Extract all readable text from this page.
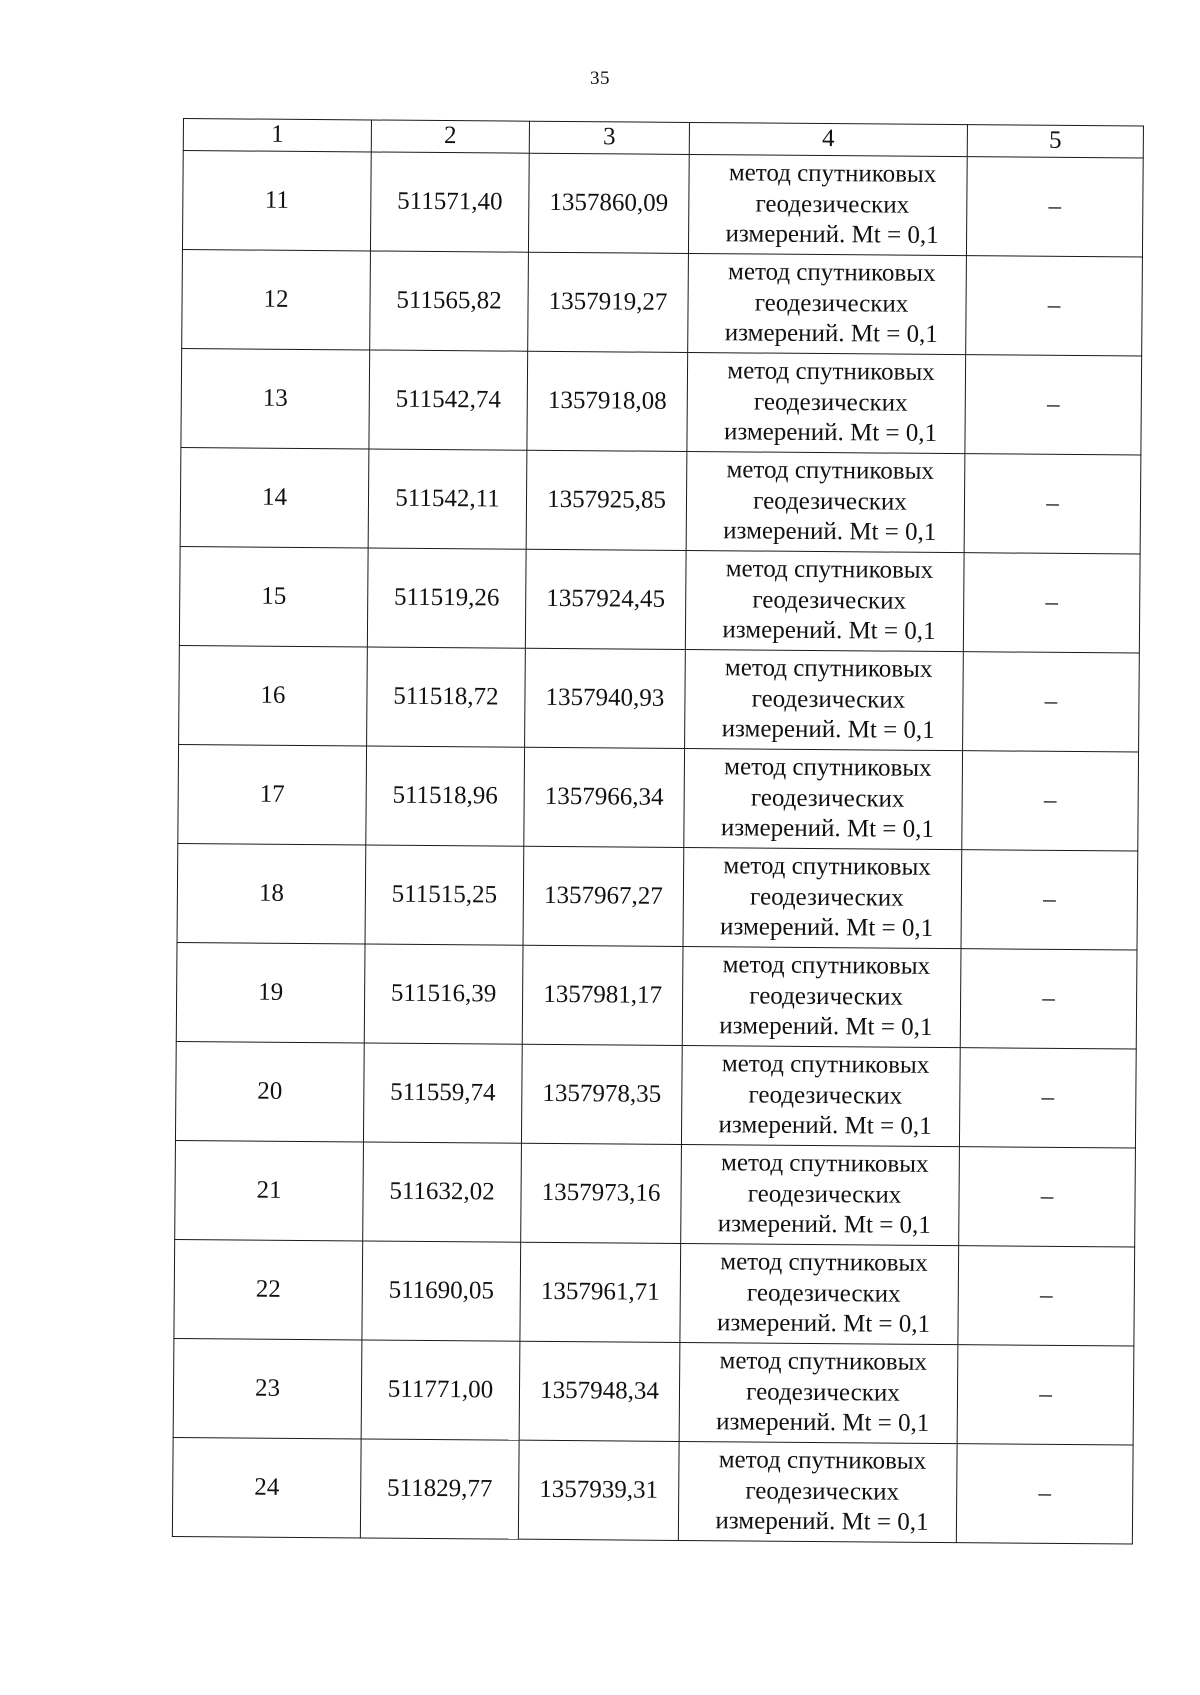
35
1	2	3	4	5
11	511571,40	1357860,09	метод спутниковых
геодезических
измерений. Mt = 0,1	–
12	511565,82	1357919,27	метод спутниковых
геодезических
измерений. Mt = 0,1	–
13	511542,74	1357918,08	метод спутниковых
геодезических
измерений. Mt = 0,1	–
14	511542,11	1357925,85	метод спутниковых
геодезических
измерений. Mt = 0,1	–
15	511519,26	1357924,45	метод спутниковых
геодезических
измерений. Mt = 0,1	–
16	511518,72	1357940,93	метод спутниковых
геодезических
измерений. Mt = 0,1	–
17	511518,96	1357966,34	метод спутниковых
геодезических
измерений. Mt = 0,1	–
18	511515,25	1357967,27	метод спутниковых
геодезических
измерений. Mt = 0,1	–
19	511516,39	1357981,17	метод спутниковых
геодезических
измерений. Mt = 0,1	–
20	511559,74	1357978,35	метод спутниковых
геодезических
измерений. Mt = 0,1	–
21	511632,02	1357973,16	метод спутниковых
геодезических
измерений. Mt = 0,1	–
22	511690,05	1357961,71	метод спутниковых
геодезических
измерений. Mt = 0,1	–
23	511771,00	1357948,34	метод спутниковых
геодезических
измерений. Mt = 0,1	–
24	511829,77	1357939,31	метод спутниковых
геодезических
измерений. Mt = 0,1	–
